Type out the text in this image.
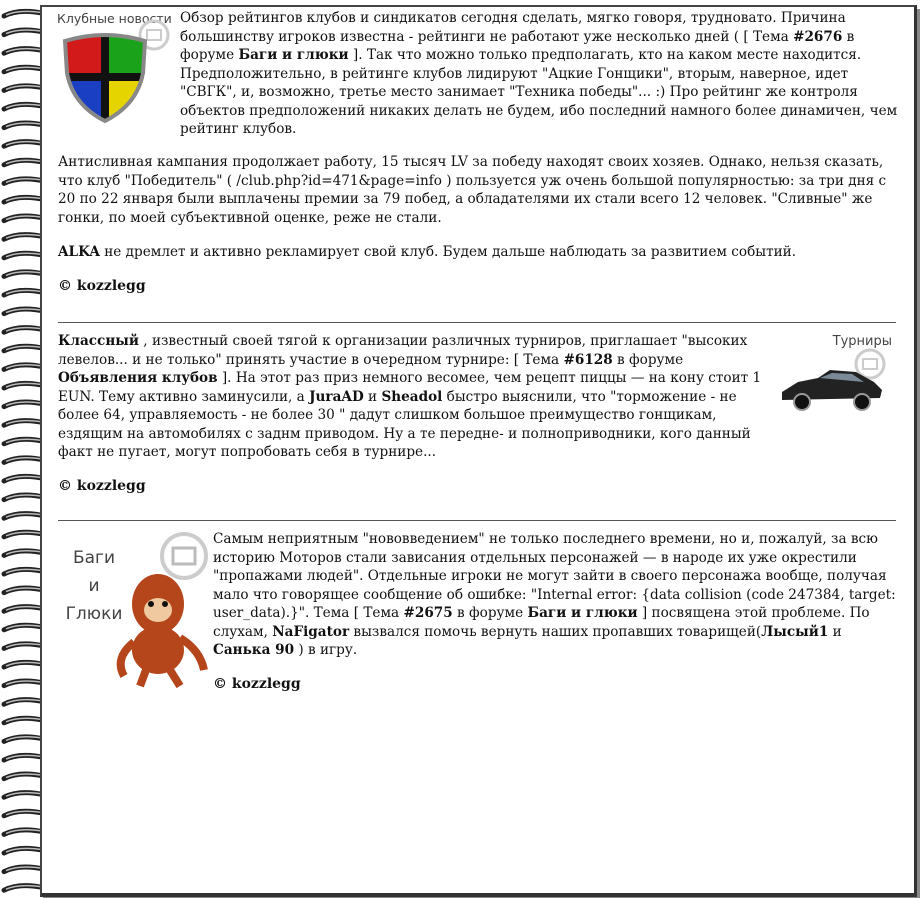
Клубные новости Обзор рейтингов клубов и синдикатов сегодня сделать, мягко говоря, трудновато. Причина большинству игроков известна - рейтинги не работают уже несколько дней ( [ Тема #2676 в форуме Баги и глюки ]. Так что можно только предполагать, кто на каком месте находится. Предположительно, в рейтинге клубов лидируют "Ацкие Гонщики", вторым, наверное, идет "СВГК", и, возможно, третье место занимает "Техника победы"... :) Про рейтинг же контроля объектов предположений никаких делать не будем, ибо последний намного более динамичен, чем рейтинг клубов.

Антисливная кампания продолжает работу, 15 тысяч LV за победу находят своих хозяев. Однако, нельзя сказать, что клуб "Победитель" ( /club.php?id=471&page=info ) пользуется уж очень большой популярностью: за три дня с 20 по 22 января были выплачены премии за 79 побед, а обладателями их стали всего 12 человек. "Сливные" же гонки, по моей субъективной оценке, реже не стали.

ALKA не дремлет и активно рекламирует свой клуб. Будем дальше наблюдать за развитием событий.

© kozzlegg

Классный , известный своей тягой к организации различных турниров, приглашает "высоких левелов... и не только" принять участие в очередном турнире: [ Тема #6128 в форуме Объявления клубов ]. На этот раз приз немного весомее, чем рецепт пиццы — на кону стоит 1 EUN. Тему активно заминусили, а JuraAD и Sheadol быстро выяснили, что "торможение - не более 64, управляемость - не более 30 " дадут слишком большое преимущество гонщикам, ездящим на автомобилях с заднм приводом. Ну а те передне- и полноприводники, кого данный факт не пугает, могут попробовать себя в турнире...

Турниры
© kozzlegg
Баги
и
Глюки

Самым неприятным "нововведением" не только последнего времени, но и, пожалуй, за всю историю Моторов стали зависания отдельных персонажей — в народе их уже окрестили "пропажами людей". Отдельные игроки не могут зайти в своего персонажа вообще, получая мало что говорящее сообщение об ошибке: "Internal error: {data collision (code 247384, target: user_data).}". Тема [ Тема #2675 в форуме Баги и глюки ] посвящена этой проблеме. По слухам, NaFigator вызвался помочь вернуть наших пропавших товарищей(Лысый1 и Санька 90 ) в игру.

© kozzlegg
